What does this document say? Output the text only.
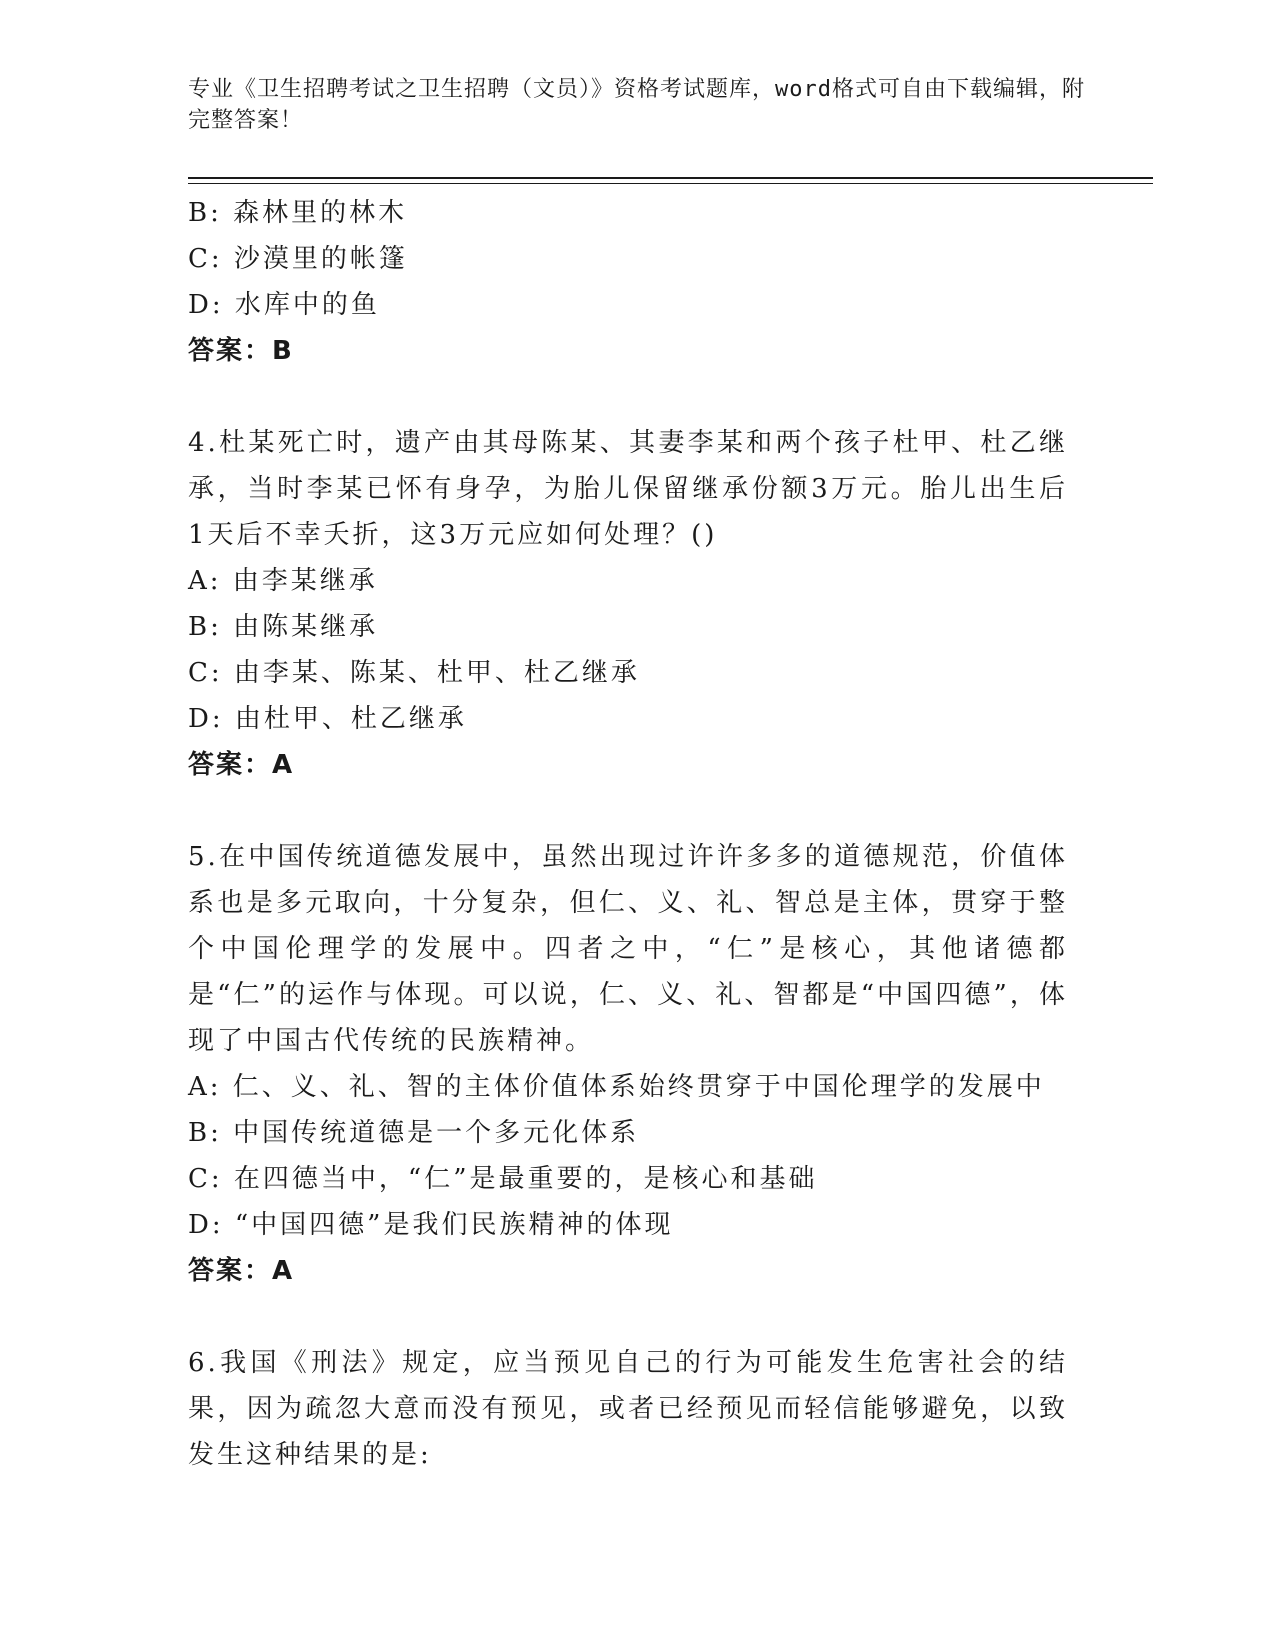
专业《卫生招聘考试之卫生招聘（文员）》资格考试题库，word格式可自由下载编辑，附完整答案！
B: 森林里的林木
C: 沙漠里的帐篷
D: 水库中的鱼
答案：B
4.杜某死亡时，遗产由其母陈某、其妻李某和两个孩子杜甲、杜乙继承，当时李某已怀有身孕，为胎儿保留继承份额3万元。胎儿出生后1天后不幸夭折，这3万元应如何处理？()
A: 由李某继承
B: 由陈某继承
C: 由李某、陈某、杜甲、杜乙继承
D: 由杜甲、杜乙继承
答案：A
5.在中国传统道德发展中，虽然出现过许许多多的道德规范，价值体系也是多元取向，十分复杂，但仁、义、礼、智总是主体，贯穿于整个中国伦理学的发展中。四者之中，“仁”是核心，其他诸德都是“仁”的运作与体现。可以说，仁、义、礼、智都是“中国四德”，体现了中国古代传统的民族精神。
A: 仁、义、礼、智的主体价值体系始终贯穿于中国伦理学的发展中
B: 中国传统道德是一个多元化体系
C: 在四德当中，“仁”是最重要的，是核心和基础
D: “中国四德”是我们民族精神的体现
答案：A
6.我国《刑法》规定，应当预见自己的行为可能发生危害社会的结果，因为疏忽大意而没有预见，或者已经预见而轻信能够避免，以致发生这种结果的是:
